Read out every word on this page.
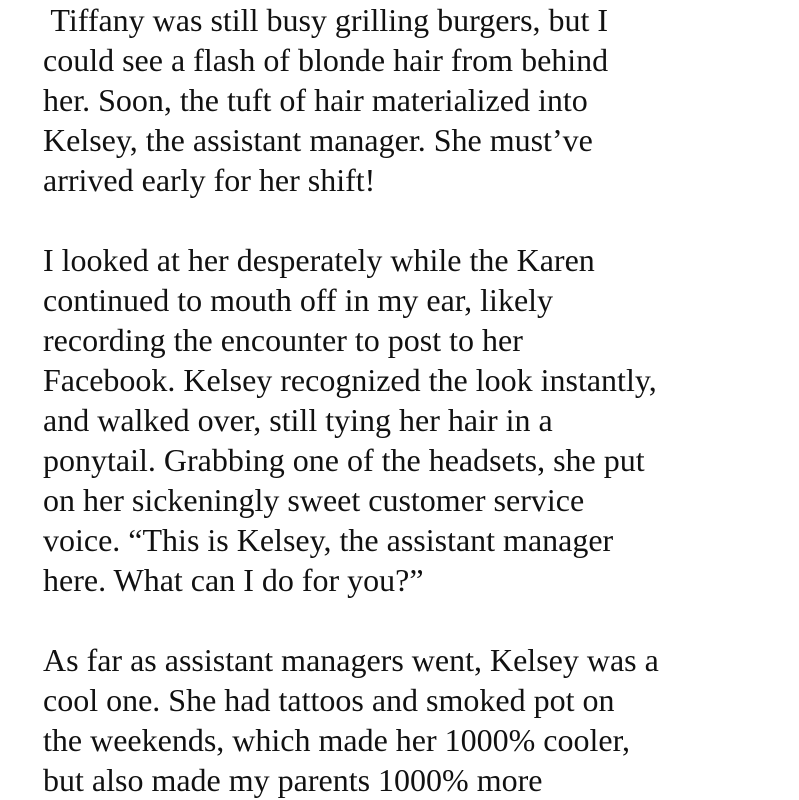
Tiffany was still busy grilling burgers, but I

could see a flash of blonde hair from behind

her. Soon, the tuft of hair materialized into

Kelsey, the assistant manager. She must’ve

arrived early for her shift!

I looked at her desperately while the Karen

continued to mouth off in my ear, likely

recording the encounter to post to her

Facebook. Kelsey recognized the look instantly,

and walked over, still tying her hair in a

ponytail. Grabbing one of the headsets, she put

on her sickeningly sweet customer service

voice. “This is Kelsey, the assistant manager

here. What can I do for you?”

As far as assistant managers went, Kelsey was a

cool one. She had tattoos and smoked pot on

the weekends, which made her 1000% cooler,

but also made my parents 1000% more
